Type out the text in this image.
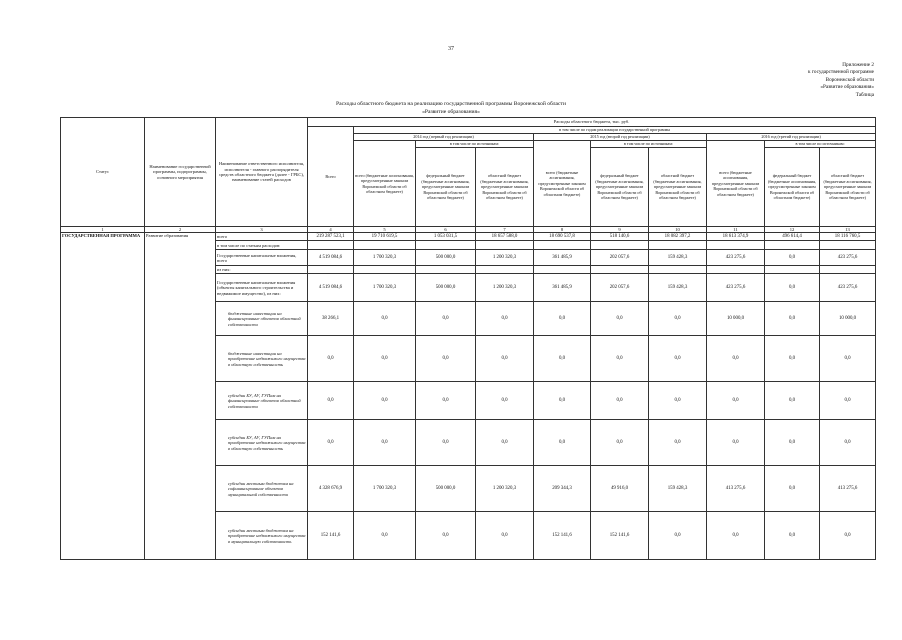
37
Приложение 2
к государственной программе
Воронежской области
«Развитие образования»
Таблица
Расходы областного бюджета на реализацию государственной программы Воронежской области
«Развитие образования»
Статус	Наименование государственной программы, подпрограммы, основного мероприятия	Наименование ответственного исполнителя, исполнителя - главного распорядителя средств областного бюджета (далее - ГРБС), наименование статей расходов	Расходы областного бюджета, тыс. руб.									
			Всего	в том числе по годам реализации государственной программы								
				2014 год (первый год реализации)			2015 год (второй год реализации)			2016 год (третий год реализации)		
				всего (бюджетные ассигнования, предусмотренные законом Воронежской области об областном бюджете)	в том числе по источникам:		всего (бюджетные ассигнования, предусмотренные законом Воронежской области об областном бюджете)	в том числе по источникам:		всего (бюджетные ассигнования, предусмотренные законом Воронежской области об областном бюджете)	в том числе по источникам:	
					федеральный бюджет (бюджетные ассигнования, предусмотренные законом Воронежской области об областном бюджете)	областной бюджет (бюджетные ассигнования, предусмотренные законом Воронежской области об областном бюджете)		федеральный бюджет (бюджетные ассигнования, предусмотренные законом Воронежской области об областном бюджете)	областной бюджет (бюджетные ассигнования, предусмотренные законом Воронежской области об областном бюджете)		федеральный бюджет (бюджетные ассигнования, предусмотренные законом Воронежской области об областном бюджете)	областной бюджет (бюджетные ассигнования, предусмотренные законом Воронежской области об областном бюджете)
1	2	3	4	5	6	7	8	9	10	11	12	13
ГОСУДАРСТВЕННАЯ ПРОГРАММА	Развитие образования	всего	219 287 523,1	19 710 619,5	1 053 031,5	18 657 588,0	18 690 537,8	518 140,6	18 082 397,2	18 613 374,9	496 614,4	18 116 760,5
		в том числе по статьям расходов:										
		Государственные капитальные вложения, всего	4 519 084,6	1 700 320,3	500 000,0	1 200 320,3	361 485,9	202 057,6	159 428,3	423 275,6	0,0	423 275,6
		из них:										
		Государственные капитальные вложения (объекты капитального строительства и недвижимое имущество), из них:	4 519 084,6	1 700 320,3	500 000,0	1 200 320,3	361 485,9	202 057,6	159 428,3	423 275,6	0,0	423 275,6
		бюджетные инвестиции на финансирование объектов областной собственности	38 266,1	0,0	0,0	0,0	0,0	0,0	0,0	10 000,0	0,0	10 000,0
		бюджетные инвестиции на приобретение недвижимого имущества в областную собственность	0,0	0,0	0,0	0,0	0,0	0,0	0,0	0,0	0,0	0,0
		субсидии БУ, АУ, ГУПам на финансирование объектов областной собственности	0,0	0,0	0,0	0,0	0,0	0,0	0,0	0,0	0,0	0,0
		субсидии БУ, АУ, ГУПам на приобретение недвижимого имущества в областную собственность	0,0	0,0	0,0	0,0	0,0	0,0	0,0	0,0	0,0	0,0
		субсидии местным бюджетам на софинансирование объектов муниципальной собственности	4 328 676,9	1 700 320,3	500 000,0	1 200 320,3	209 344,3	49 916,0	159 428,3	413 275,6	0,0	413 275,6
		субсидии местным бюджетам на приобретение недвижимого имущества в муниципальную собственность	152 141,6	0,0	0,0	0,0	152 141,6	152 141,6	0,0	0,0	0,0	0,0
